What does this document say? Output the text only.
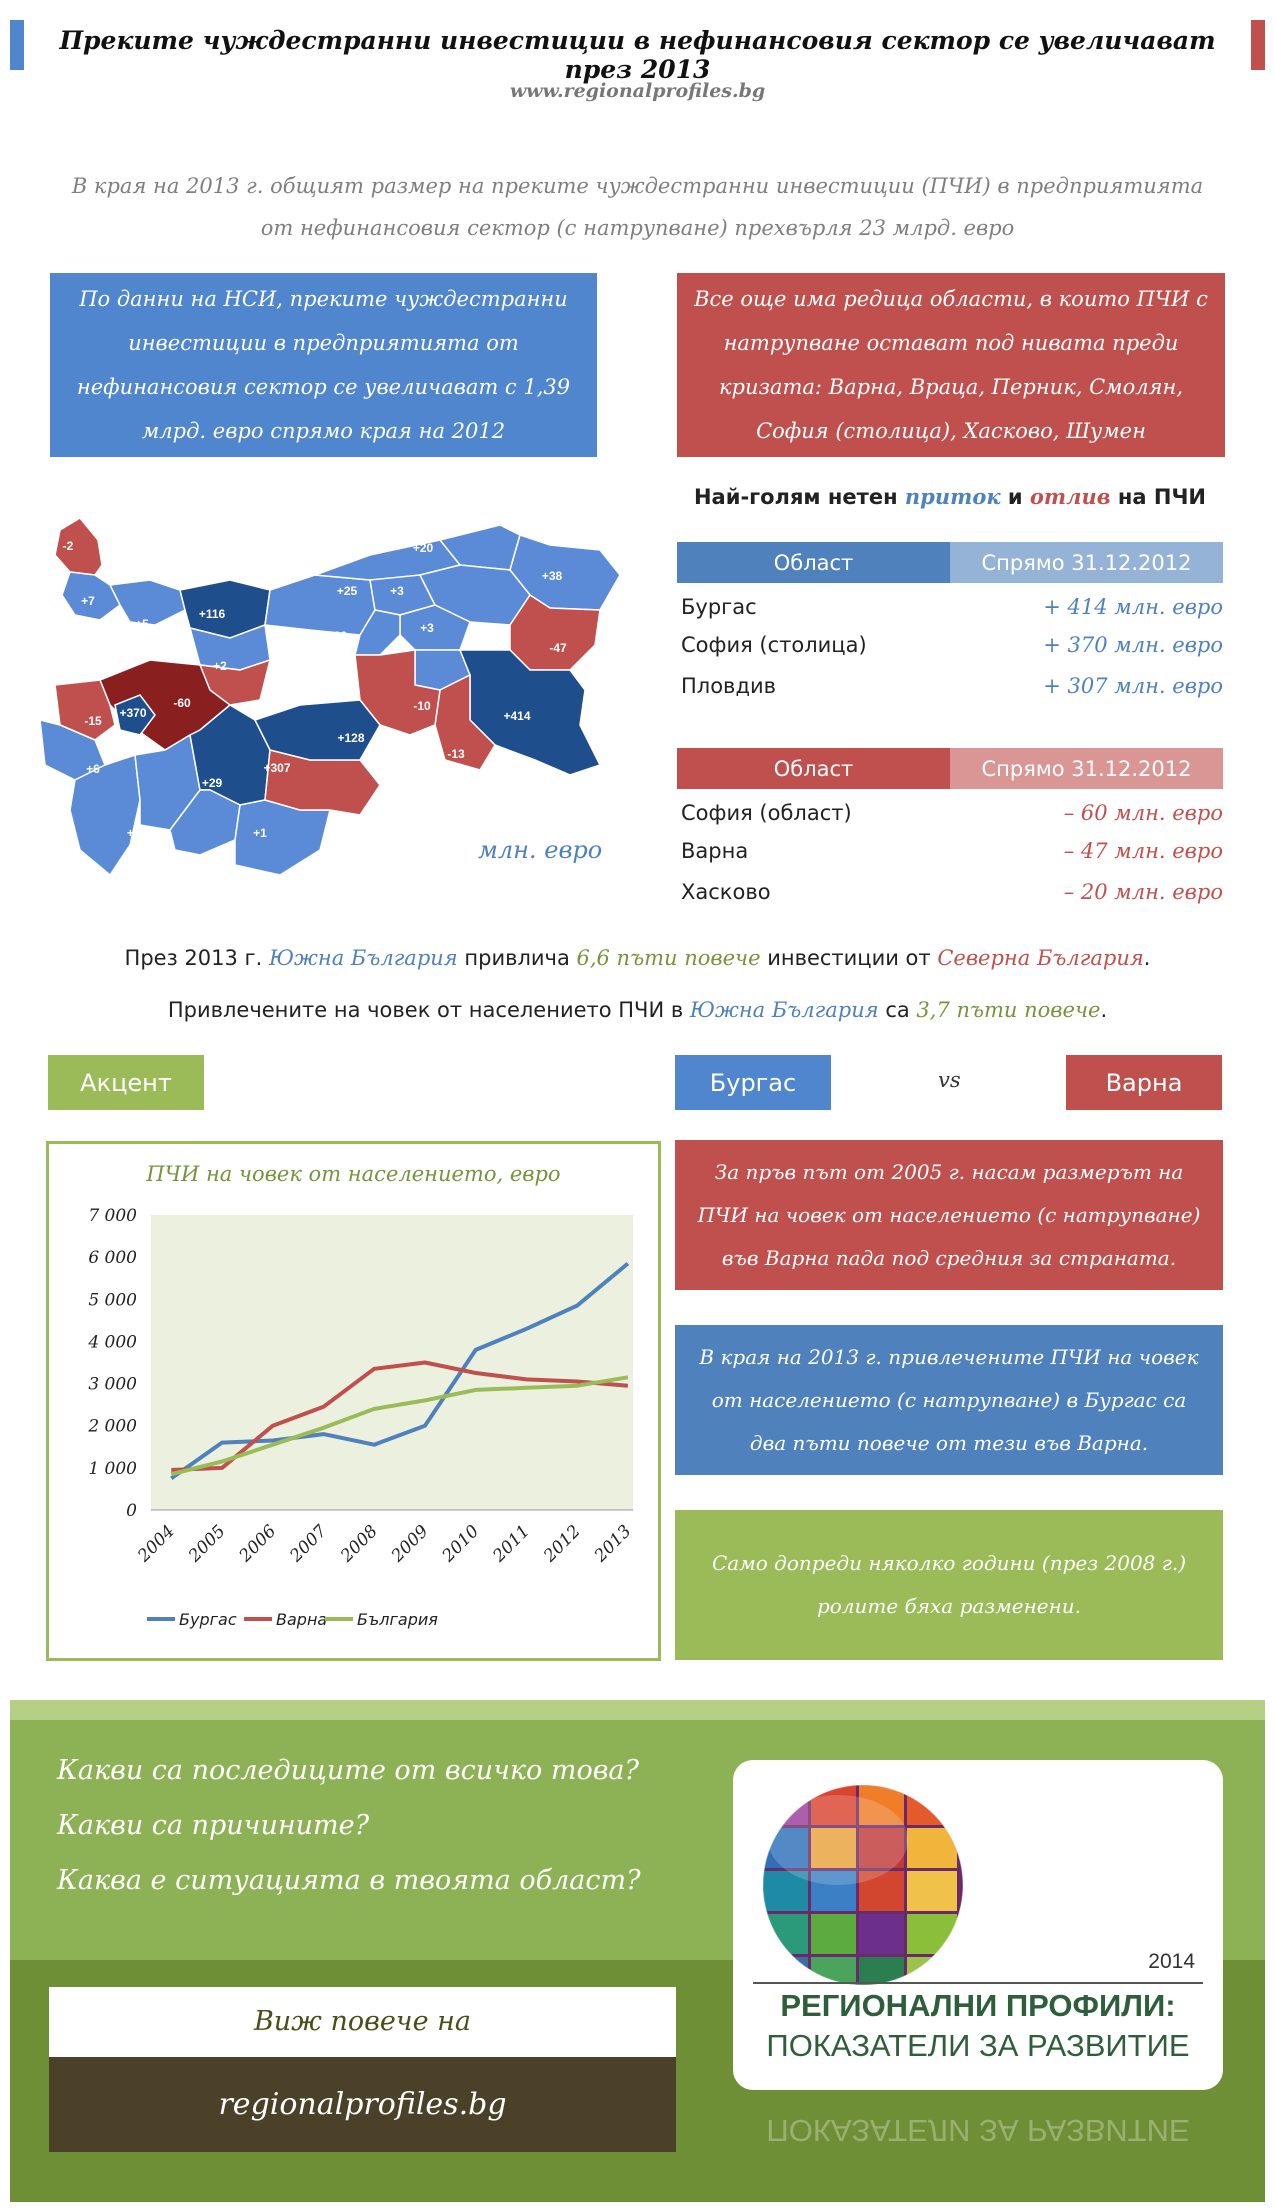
Преките чуждестранни инвестиции в нефинансовия сектор се увеличават през 2013
www.regionalprofiles.bg
В края на 2013 г. общият размер на преките чуждестранни инвестиции (ПЧИ) в предприятията от нефинансовия сектор (с натрупване) прехвърля 23 млрд. евро
По данни на НСИ, преките чуждестранни инвестиции в предприятията от нефинансовия сектор се увеличават с 1,39 млрд. евро спрямо края на 2012
Все още има редица области, в които ПЧИ с натрупване остават под нивата преди кризата: Варна, Враца, Перник, Смолян, София (столица), Хасково, Шумен
-2
+7
+5
+116
+20
+25	+3
+38
+23
+3
-47
+2
-16
+5
+370
-60
-15
+6
+29
+307
+128
-10
+414
-13
-20
+46	+1
+21	млн. евро
Най-голям нетен приток и отлив на ПЧИ
Област	Спрямо 31.12.2012
Бургас	+ 414 млн. евро
София (столица)	+ 370 млн. евро
Пловдив	+ 307 млн. евро
Област	Спрямо 31.12.2012
София (област)	– 60 млн. евро
Варна	– 47 млн. евро
Хасково	– 20 млн. евро
През 2013 г. Южна България привлича 6,6 пъти повече инвестиции от Северна България.
Привлечените на човек от населението ПЧИ в Южна България са 3,7 пъти повече.
Акцент	Бургас	vs	Варна
ПЧИ на човек от населението, евро
0
1 000
2 000
3 000
4 000
5 000
6 000
7 000
2004 2005 2006 2007 2008 2009 2010 2011 2012 2013
Бургас Варна България
За пръв път от 2005 г. насам размерът на ПЧИ на човек от населението (с натрупване) във Варна пада под средния за страната.
В края на 2013 г. привлечените ПЧИ на човек от населението (с натрупване) в Бургас са два пъти повече от тези във Варна.
Само допреди няколко години (през 2008 г.) ролите бяха разменени.
Какви са последиците от всичко това?
Какви са причините?
Каква е ситуацията в твоята област?
Виж повече на
regionalprofiles.bg
2014
РЕГИОНАЛНИ ПРОФИЛИ:
ПОКАЗАТЕЛИ ЗА РАЗВИТИЕ
ПОКАЗАТЕЛИ ЗА РАЗВИТИЕ
